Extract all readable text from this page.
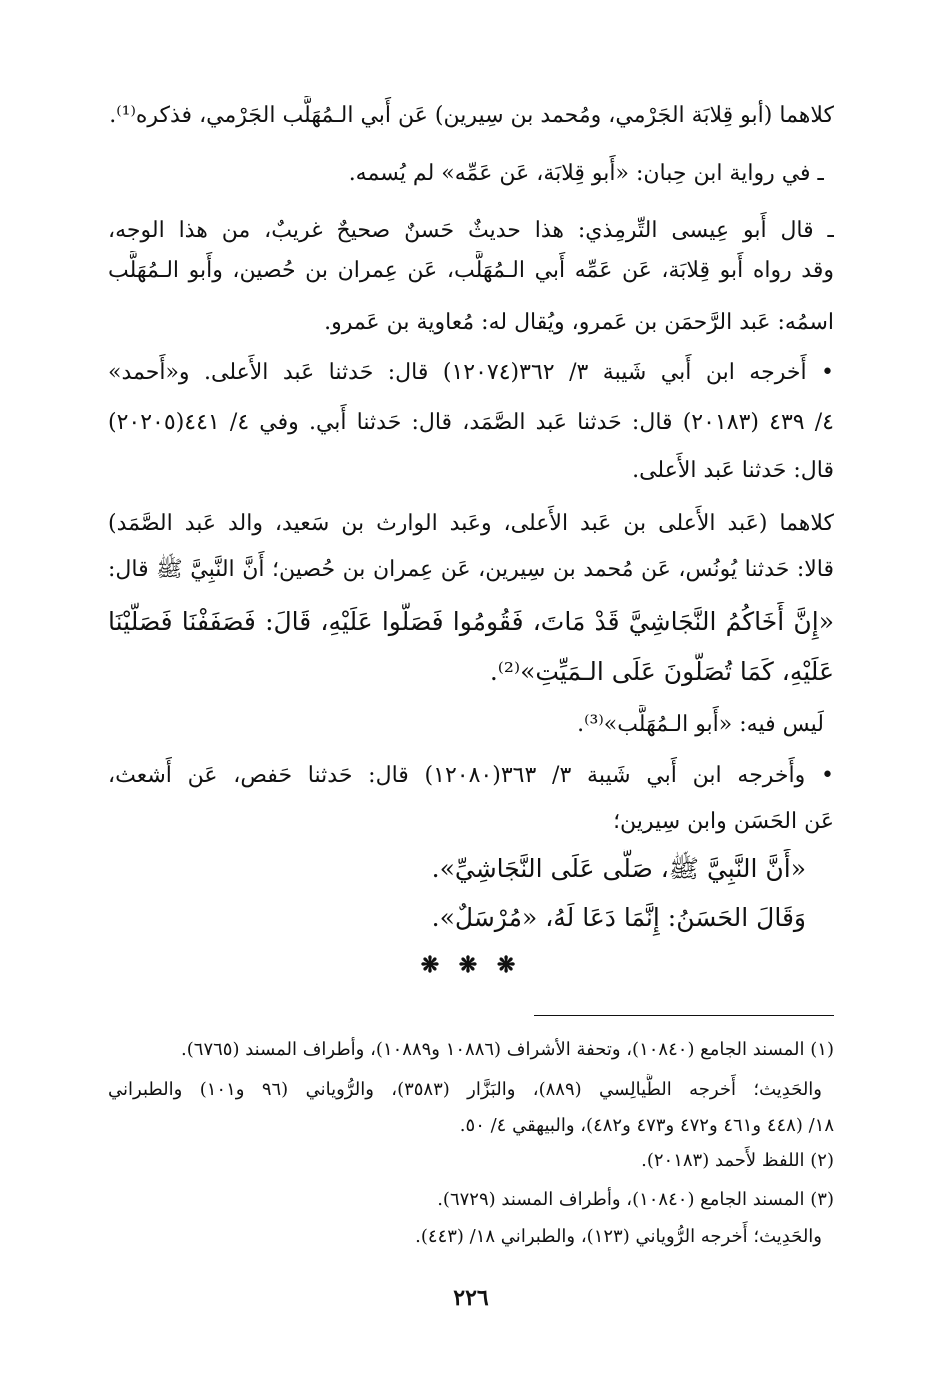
كلاهما (أبو قِلابَة الجَرْمي، ومُحمد بن سِيرين) عَن أَبي الـمُهَلَّب الجَرْمي، فذكره⁽¹⁾.
ـ في رواية ابن حِبان: «أَبو قِلابَة، عَن عَمِّه» لم يُسمه.
ـ قال أَبو عِيسى التِّرمِذي: هذا حديثٌ حَسنٌ صحيحٌ غريبٌ، من هذا الوجه،
وقد رواه أَبو قِلابَة، عَن عَمِّه أَبي الـمُهَلَّب، عَن عِمران بن حُصين، وأَبو الـمُهَلَّب
اسمُه: عَبد الرَّحمَن بن عَمرو، ويُقال له: مُعاوية بن عَمرو.
• أَخرجه ابن أَبي شَيبة ٣/ ٣٦٢(١٢٠٧٤) قال: حَدثنا عَبد الأَعلى. و«أَحمد»
٤/ ٤٣٩ (٢٠١٨٣) قال: حَدثنا عَبد الصَّمَد، قال: حَدثنا أَبي. وفي ٤/ ٤٤١(٢٠٢٠٥)
قال: حَدثنا عَبد الأَعلى.
كلاهما (عَبد الأَعلى بن عَبد الأَعلى، وعَبد الوارث بن سَعيد، والد عَبد الصَّمَد)
قالا: حَدثنا يُونُس، عَن مُحمد بن سِيرين، عَن عِمران بن حُصين؛ أَنَّ النَّبِيَّ ﷺ قال:
«إِنَّ أَخَاكُمُ النَّجَاشِيَّ قَدْ مَاتَ، فَقُومُوا فَصَلُّوا عَلَيْهِ، قَالَ: فَصَفَفْنَا فَصَلَّيْنَا
عَلَيْهِ، كَمَا تُصَلُّونَ عَلَى الـمَيِّتِ»⁽²⁾.
لَيس فيه: «أَبو الـمُهَلَّب»⁽³⁾.
• وأَخرجه ابن أَبي شَيبة ٣/ ٣٦٣(١٢٠٨٠) قال: حَدثنا حَفص، عَن أَشعث،
عَن الحَسَن وابن سِيرين؛
«أَنَّ النَّبِيَّ ﷺ، صَلَّى عَلَى النَّجَاشِيِّ».
وَقَالَ الحَسَنُ: إِنَّمَا دَعَا لَهُ، «مُرْسَلٌ».
❋ ❋ ❋
(١) المسند الجامع (١٠٨٤٠)، وتحفة الأشراف (١٠٨٨٦ و١٠٨٨٩)، وأطراف المسند (٦٧٦٥).
والحَدِيث؛ أَخرجه الطَّيالِسي (٨٨٩)، والبَزَّار (٣٥٨٣)، والرُّوياني (٩٦ و١٠١) والطبراني
١٨/ (٤٤٨ و٤٦١ و٤٧٢ و٤٧٣ و٤٨٢)، والبيهقي ٤/ ٥٠.
(٢) اللفظ لأَحمد (٢٠١٨٣).
(٣) المسند الجامع (١٠٨٤٠)، وأطراف المسند (٦٧٢٩).
والحَدِيث؛ أَخرجه الرُّوياني (١٢٣)، والطبراني ١٨/ (٤٤٣).
٢٢٦
